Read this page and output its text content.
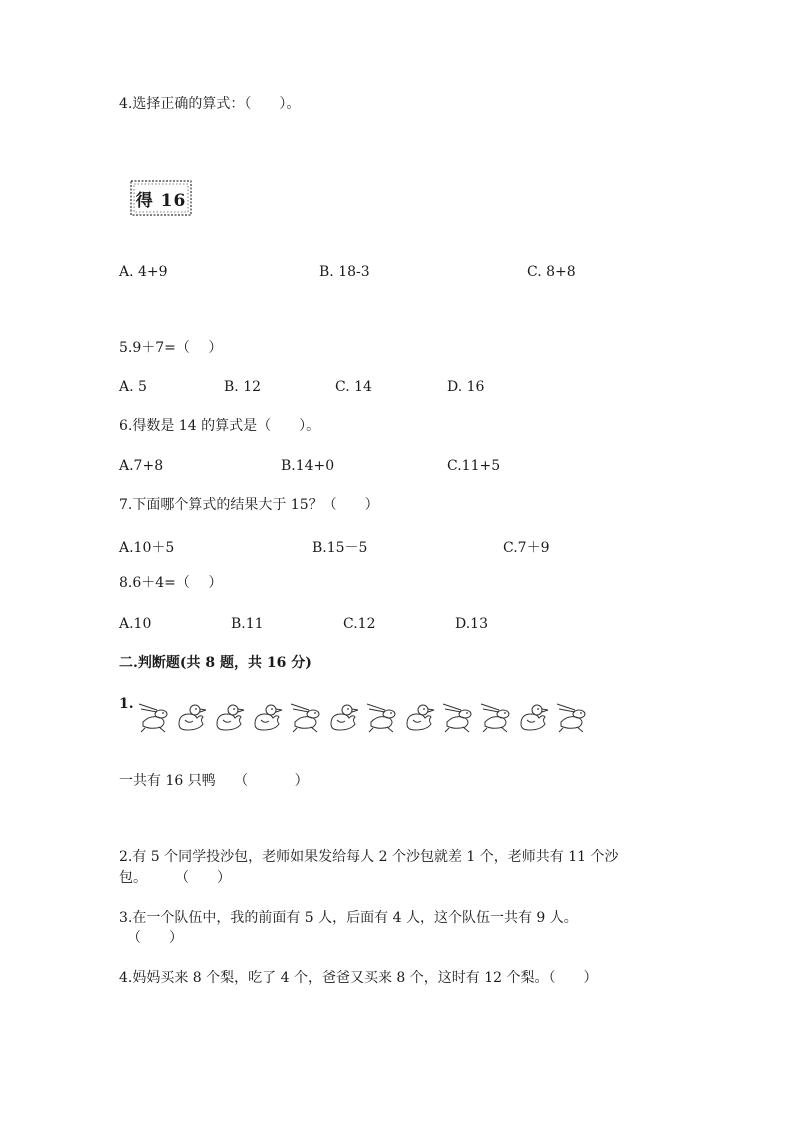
4.选择正确的算式：（　　）。
得 16
A. 4+9	B. 18-3	C. 8+8
5.9＋7=（　 ）
A. 5	B. 12	C. 14	D. 16
6.得数是 14 的算式是（　　）。
A.7+8	B.14+0	C.11+5
7.下面哪个算式的结果大于 15？（　　）
A.10＋5	B.15－5	C.7＋9
8.6＋4=（　 ）
A.10	B.11	C.12	D.13
二.判断题(共 8 题，共 16 分)
1.
一共有 16 只鸭　 （　　　 ）
2.有 5 个同学投沙包，老师如果发给每人 2 个沙包就差 1 个，老师共有 11 个沙
包。　　　（　　）
3.在一个队伍中，我的前面有 5 人，后面有 4 人，这个队伍一共有 9 人。
（　　）
4.妈妈买来 8 个梨，吃了 4 个，爸爸又买来 8 个，这时有 12 个梨。（　　）
